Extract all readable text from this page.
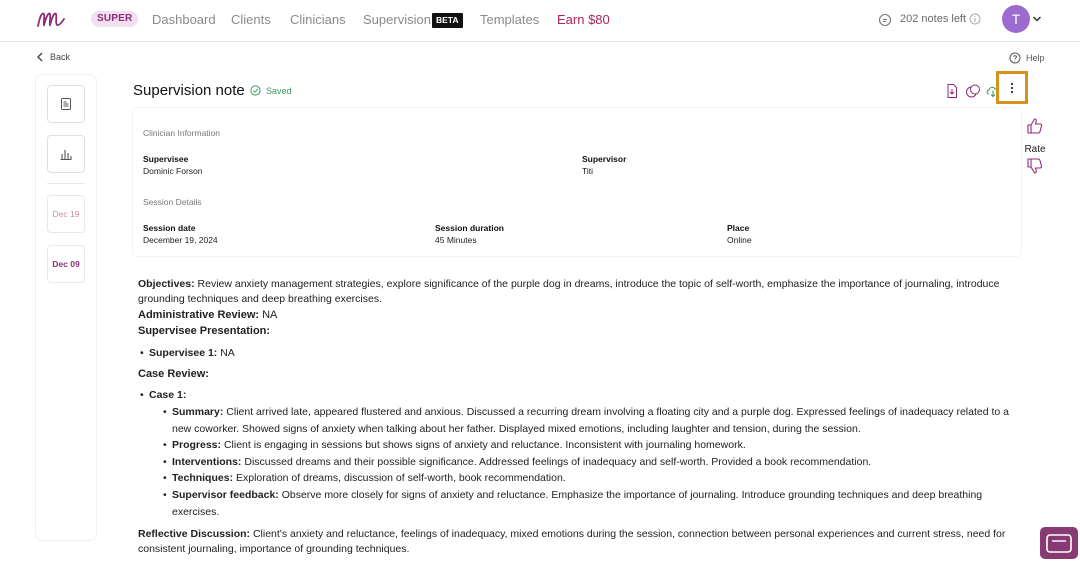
SUPER	Dashboard Clients Clinicians Supervision BETA	Templates Earn $80	202 notes left	T
Back	Help
Dec 19
Dec 09
Supervision note Saved
Clinician Information
Supervisee
Dominic Forson
Supervisor
Titi
Session Details
Session date
December 19, 2024
Session duration
45 Minutes
Place
Online
Rate
Objectives: Review anxiety management strategies, explore significance of the purple dog in dreams, introduce the topic of self-worth, emphasize the importance of journaling, introduce grounding techniques and deep breathing exercises.
Administrative Review: NA
Supervisee Presentation:
• Supervisee 1: NA
Case Review:
• Case 1:
• Summary: Client arrived late, appeared flustered and anxious. Discussed a recurring dream involving a floating city and a purple dog. Expressed feelings of inadequacy related to a new coworker. Showed signs of anxiety when talking about her father. Displayed mixed emotions, including laughter and tension, during the session.
• Progress: Client is engaging in sessions but shows signs of anxiety and reluctance. Inconsistent with journaling homework.
• Interventions: Discussed dreams and their possible significance. Addressed feelings of inadequacy and self-worth. Provided a book recommendation.
• Techniques: Exploration of dreams, discussion of self-worth, book recommendation.
• Supervisor feedback: Observe more closely for signs of anxiety and reluctance. Emphasize the importance of journaling. Introduce grounding techniques and deep breathing exercises.
Reflective Discussion: Client's anxiety and reluctance, feelings of inadequacy, mixed emotions during the session, connection between personal experiences and current stress, need for consistent journaling, importance of grounding techniques.
